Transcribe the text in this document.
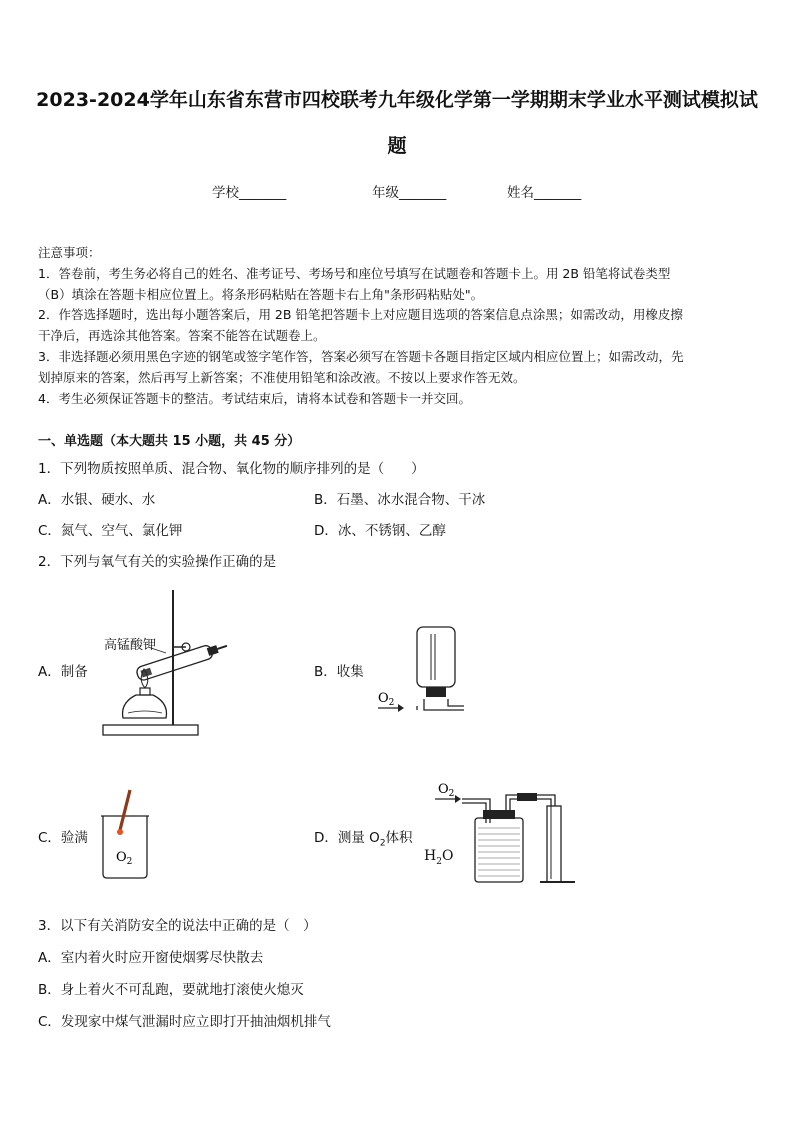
2023-2024学年山东省东营市四校联考九年级化学第一学期期末学业水平测试模拟试
题
学校_______	年级_______	姓名_______

注意事项：

1．答卷前，考生务必将自己的姓名、准考证号、考场号和座位号填写在试题卷和答题卡上。用 2B 铅笔将试卷类型

（B）填涂在答题卡相应位置上。将条形码粘贴在答题卡右上角"条形码粘贴处"。

2．作答选择题时，选出每小题答案后，用 2B 铅笔把答题卡上对应题目选项的答案信息点涂黑；如需改动，用橡皮擦

干净后，再选涂其他答案。答案不能答在试题卷上。

3．非选择题必须用黑色字迹的钢笔或签字笔作答，答案必须写在答题卡各题目指定区域内相应位置上；如需改动，先

划掉原来的答案，然后再写上新答案；不准使用铅笔和涂改液。不按以上要求作答无效。

4．考生必须保证答题卡的整洁。考试结束后，请将本试卷和答题卡一并交回。

一、单选题（本大题共 15 小题，共 45 分）
1．下列物质按照单质、混合物、氧化物的顺序排列的是（　　）
A．水银、硬水、水	B．石墨、冰水混合物、干冰
C．氮气、空气、氯化钾	D．冰、不锈钢、乙醇
2．下列与氧气有关的实验操作正确的是
A．制备	B．收集
C．验满	D．测量 $O_2$体积
高锰酸钾
$O_2$
$O_2$
$O_2$
$H_2O$
3．以下有关消防安全的说法中正确的是（　）
A．室内着火时应开窗使烟雾尽快散去
B．身上着火不可乱跑，要就地打滚使火熄灭
C．发现家中煤气泄漏时应立即打开抽油烟机排气
